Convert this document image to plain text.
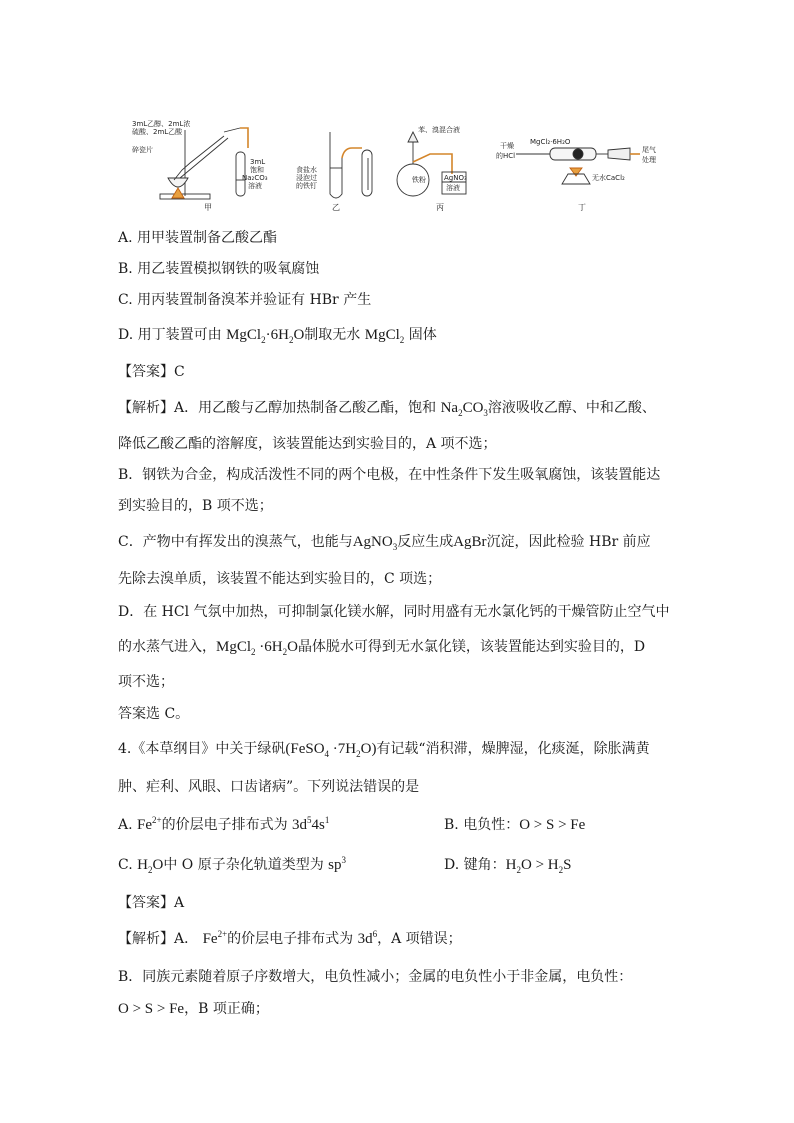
3mL乙醇、2mL浓
硫酸、2mL乙酸
碎瓷片
3mL
饱和
Na₂CO₃
溶液
食盐水
浸泡过
的铁钉
苯、溴混合液
铁粉	AgNO₃
溶液
干燥
的HCl
MgCl₂·6H₂O
无水CaCl₂
尾气
处理
甲	乙	丙	丁
A. 用甲装置制备乙酸乙酯
B. 用乙装置模拟钢铁的吸氧腐蚀
C. 用丙装置制备溴苯并验证有 HBr 产生
D. 用丁装置可由 $MgCl_2\cdot 6H_2O$制取无水 MgCl$_2$ 固体
【答案】C
【解析】A．用乙酸与乙醇加热制备乙酸乙酯，饱和 $Na_2CO_3$溶液吸收乙醇、中和乙酸、
降低乙酸乙酯的溶解度，该装置能达到实验目的，A 项不选；
B．钢铁为合金，构成活泼性不同的两个电极，在中性条件下发生吸氧腐蚀，该装置能达
到实验目的，B 项不选；
C．产物中有挥发出的溴蒸气，也能与AgNO$_3$反应生成AgBr沉淀，因此检验 HBr 前应
先除去溴单质，该装置不能达到实验目的，C 项选；
D．在 HCl 气氛中加热，可抑制氯化镁水解，同时用盛有无水氯化钙的干燥管防止空气中
的水蒸气进入，MgCl$_2$ $\cdot 6H_2O$晶体脱水可得到无水氯化镁，该装置能达到实验目的，D
项不选；
答案选 C。
4.《本草纲目》中关于绿矾(FeSO$_4$ $\cdot 7H_2O$)有记载“消积滞，燥脾湿，化痰涎，除胀满黄
肿、疟利、风眼、口齿诸病”。下列说法错误的是
A. $Fe^{2+}$的价层电子排布式为 $3d^54s^1$	B. 电负性：O > S > Fe
C. $H_2O$中 O 原子杂化轨道类型为 $sp^3$	D. 键角：$H_2O > H_2S$
【答案】A
【解析】A． $Fe^{2+}$的价层电子排布式为 $3d^6$，A 项错误；
B．同族元素随着原子序数增大，电负性减小；金属的电负性小于非金属，电负性：
O > S > Fe，B 项正确；
